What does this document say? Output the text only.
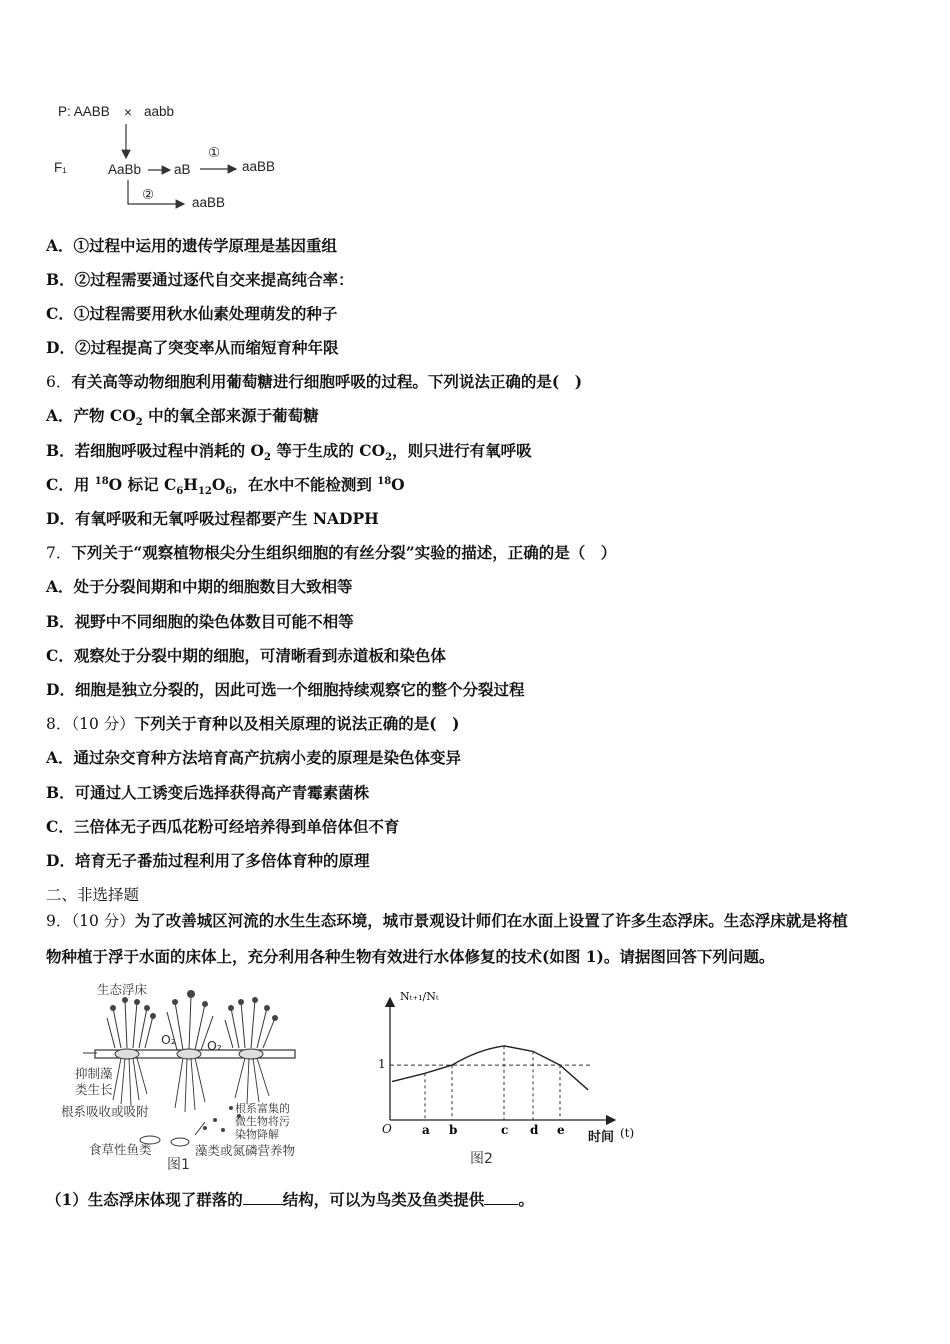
P: AABB × aabb
F₁	AaBb aB
①
aaBB
②
aaBB
A．①过程中运用的遗传学原理是基因重组
B．②过程需要通过逐代自交来提高纯合率：
C．①过程需要用秋水仙素处理萌发的种子
D．②过程提高了突变率从而缩短育种年限
6．有关高等动物细胞利用葡萄糖进行细胞呼吸的过程。下列说法正确的是(　)
A．产物 $CO_2$ 中的氧全部来源于葡萄糖
B．若细胞呼吸过程中消耗的 $O_2$ 等于生成的 $CO_2$，则只进行有氧呼吸
C．用 $^{18}$O 标记 $C_6H_{12}O_6$，在水中不能检测到 $^{18}$O
D．有氧呼吸和无氧呼吸过程都要产生 NADPH
7．下列关于“观察植物根尖分生组织细胞的有丝分裂”实验的描述，正确的是（　）
A．处于分裂间期和中期的细胞数目大致相等
B．视野中不同细胞的染色体数目可能不相等
C．观察处于分裂中期的细胞，可清晰看到赤道板和染色体
D．细胞是独立分裂的，因此可选一个细胞持续观察它的整个分裂过程
8．（10 分）下列关于育种以及相关原理的说法正确的是(　)
A．通过杂交育种方法培育高产抗病小麦的原理是染色体变异
B．可通过人工诱变后选择获得高产青霉素菌株
C．三倍体无子西瓜花粉可经培养得到单倍体但不育
D．培育无子番茄过程利用了多倍体育种的原理
二、非选择题
9．（10 分）为了改善城区河流的水生生态环境，城市景观设计师们在水面上设置了许多生态浮床。生态浮床就是将植
物种植于浮于水面的床体上，充分利用各种生物有效进行水体修复的技术(如图 1)。请据图回答下列问题。
生态浮床
O₂ O₂
抑制藻
类生长
根系吸收或吸附	根系富集的
微生物将污
染物降解
食草性鱼类	藻类或氮磷营养物
图1
a b	c d e
Nₜ₊₁/Nₜ
1
O
时间 (t)
图2
（1）生态浮床体现了群落的	结构，可以为鸟类及鱼类提供 。
